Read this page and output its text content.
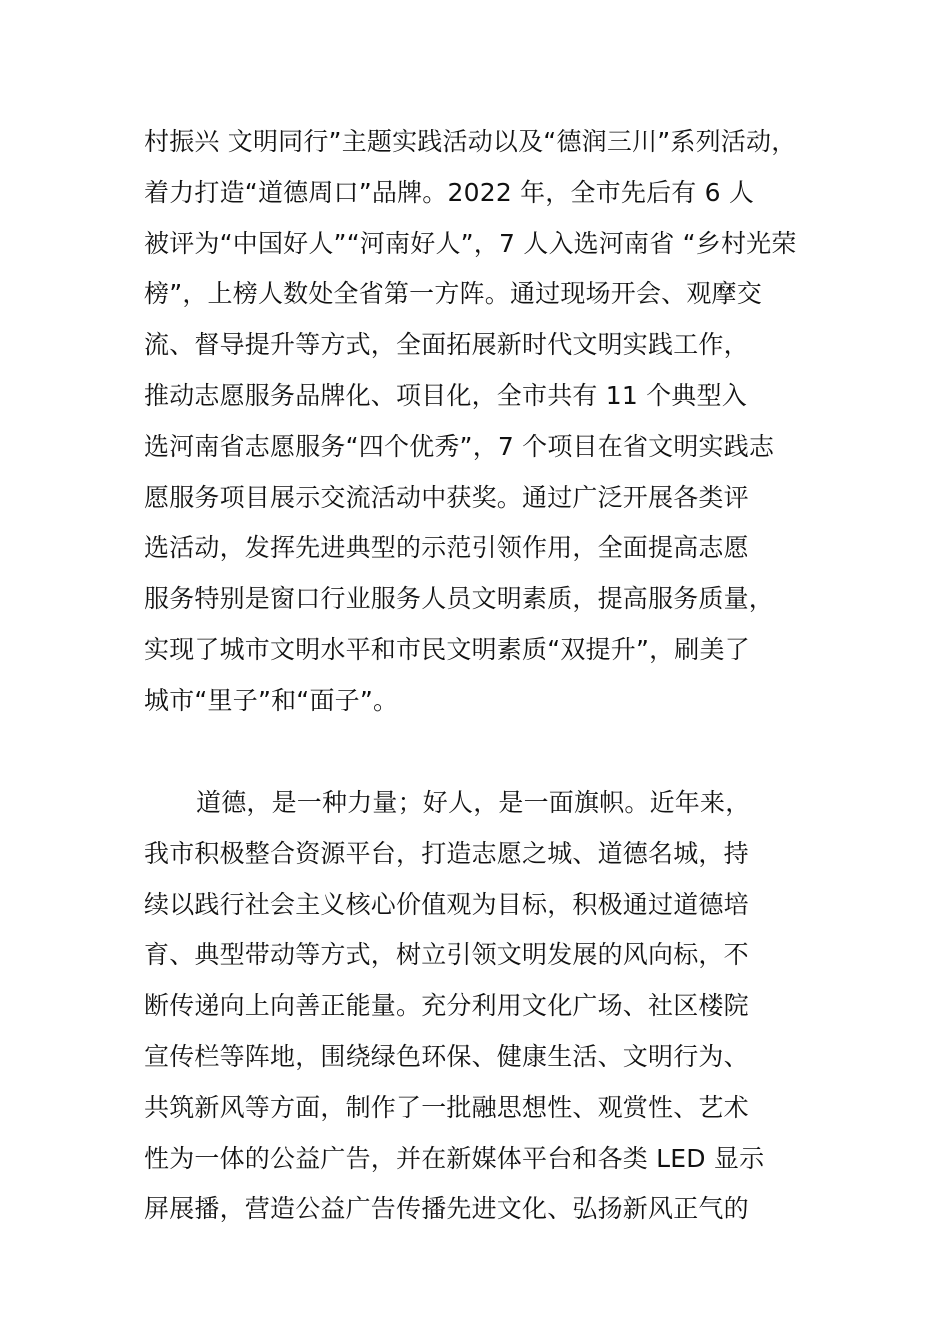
村振兴 文明同行”主题实践活动以及“德润三川”系列活动，
着力打造“道德周口”品牌。2022 年，全市先后有 6 人
被评为“中国好人”“河南好人”，7 人入选河南省 “乡村光荣
榜”，上榜人数处全省第一方阵。通过现场开会、观摩交
流、督导提升等方式，全面拓展新时代文明实践工作，
推动志愿服务品牌化、项目化，全市共有 11 个典型入
选河南省志愿服务“四个优秀”，7 个项目在省文明实践志
愿服务项目展示交流活动中获奖。通过广泛开展各类评
选活动，发挥先进典型的示范引领作用，全面提高志愿
服务特别是窗口行业服务人员文明素质，提高服务质量，
实现了城市文明水平和市民文明素质“双提升”，刷美了
城市“里子”和“面子”。
道德，是一种力量；好人，是一面旗帜。近年来，
我市积极整合资源平台，打造志愿之城、道德名城，持
续以践行社会主义核心价值观为目标，积极通过道德培
育、典型带动等方式，树立引领文明发展的风向标，不
断传递向上向善正能量。充分利用文化广场、社区楼院
宣传栏等阵地，围绕绿色环保、健康生活、文明行为、
共筑新风等方面，制作了一批融思想性、观赏性、艺术
性为一体的公益广告，并在新媒体平台和各类 LED 显示
屏展播，营造公益广告传播先进文化、弘扬新风正气的
